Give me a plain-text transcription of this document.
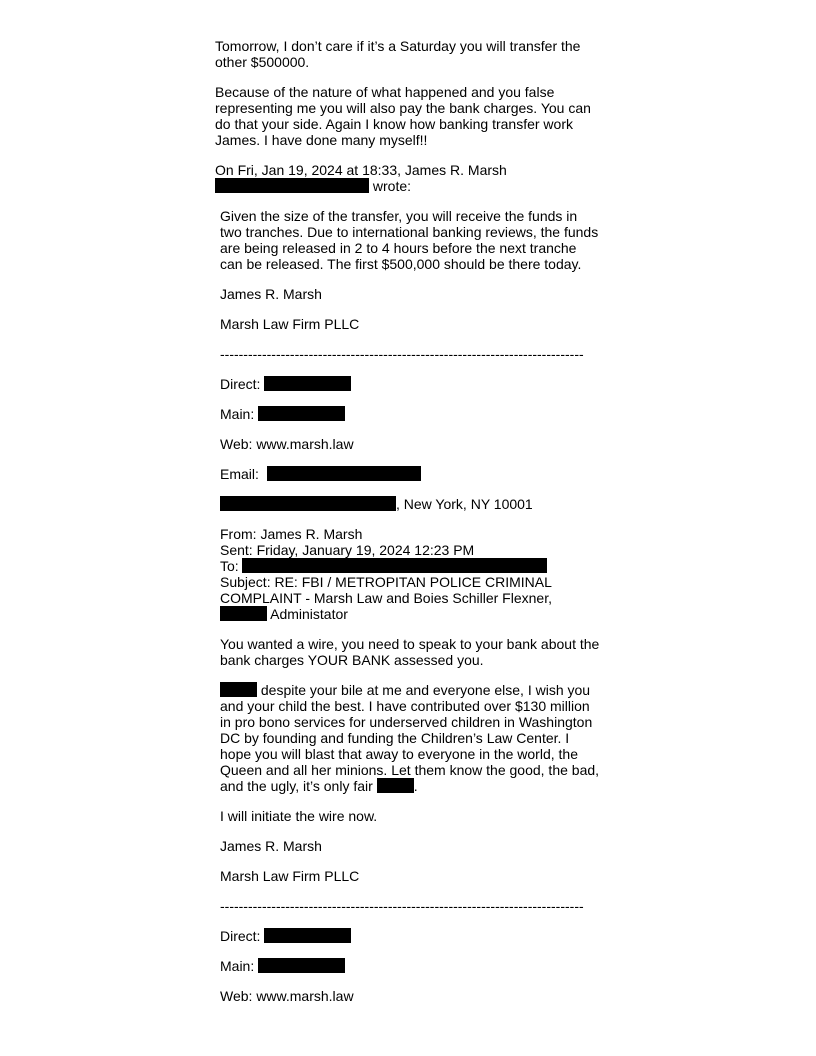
Tomorrow, I don’t care if it’s a Saturday you will transfer the other $500000.

Because of the nature of what happened and you false representing me you will also pay the bank charges. You can do that your side. Again I know how banking transfer work James. I have done many myself!!

On Fri, Jan 19, 2024 at 18:33, James R. Marsh
wrote:

Given the size of the transfer, you will receive the funds in two tranches. Due to international banking reviews, the funds are being released in 2 to 4 hours before the next tranche can be released. The first $500,000 should be there today.

James R. Marsh

Marsh Law Firm PLLC

------------------------------------------------------------------------------

Direct:

Main:

Web: www.marsh.law

Email:

, New York, NY 10001

From: James R. Marsh

Sent: Friday, January 19, 2024 12:23 PM

To:

Subject: RE: FBI / METROPITAN POLICE CRIMINAL COMPLAINT - Marsh Law and Boies Schiller Flexner,
Administator

You wanted a wire, you need to speak to your bank about the bank charges YOUR BANK assessed you.

despite your bile at me and everyone else, I wish you and your child the best. I have contributed over $130 million in pro bono services for underserved children in Washington DC by founding and funding the Children’s Law Center. I hope you will blast that away to everyone in the world, the Queen and all her minions. Let them know the good, the bad, and the ugly, it’s only fair	.

I will initiate the wire now.

James R. Marsh

Marsh Law Firm PLLC

------------------------------------------------------------------------------

Direct:

Main:

Web: www.marsh.law
